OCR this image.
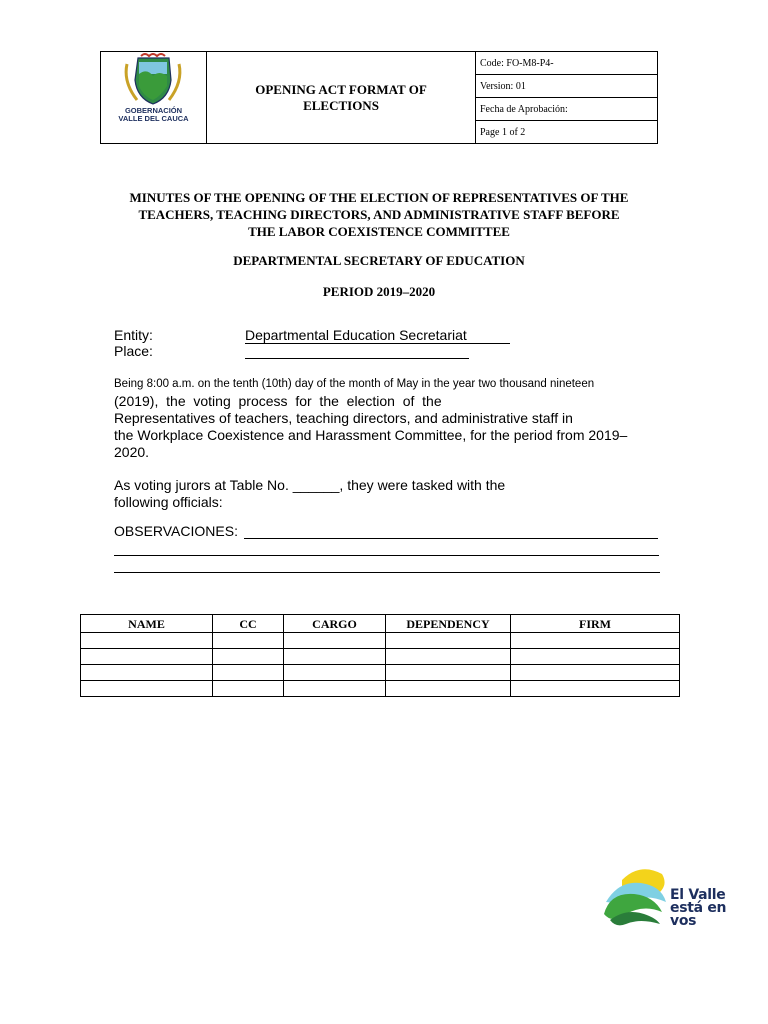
GOBERNACIÓN
VALLE DEL CAUCA

OPENING ACT FORMAT OF
ELECTIONS
	Code: FO-M8-P4-
Version: 01
Fecha de Aprobación:
Page 1 of 2
MINUTES OF THE OPENING OF THE ELECTION OF REPRESENTATIVES OF THE
TEACHERS, TEACHING DIRECTORS, AND ADMINISTRATIVE STAFF BEFORE
THE LABOR COEXISTENCE COMMITTEE
DEPARTMENTAL SECRETARY OF EDUCATION
PERIOD 2019–2020
Entity:	Departmental Education Secretariat
Place:
Being 8:00 a.m. on the tenth (10th) day of the month of May in the year two thousand nineteen
(2019),  the  voting  process  for  the  election  of  the
Representatives of teachers, teaching directors, and administrative staff in
the Workplace Coexistence and Harassment Committee, for the period from 2019–
2020.
As voting jurors at Table No. ______, they were tasked with the
following officials:
OBSERVACIONES:
NAME	CC	CARGO	DEPENDENCY	FIRM

El Valle
está en
vos
